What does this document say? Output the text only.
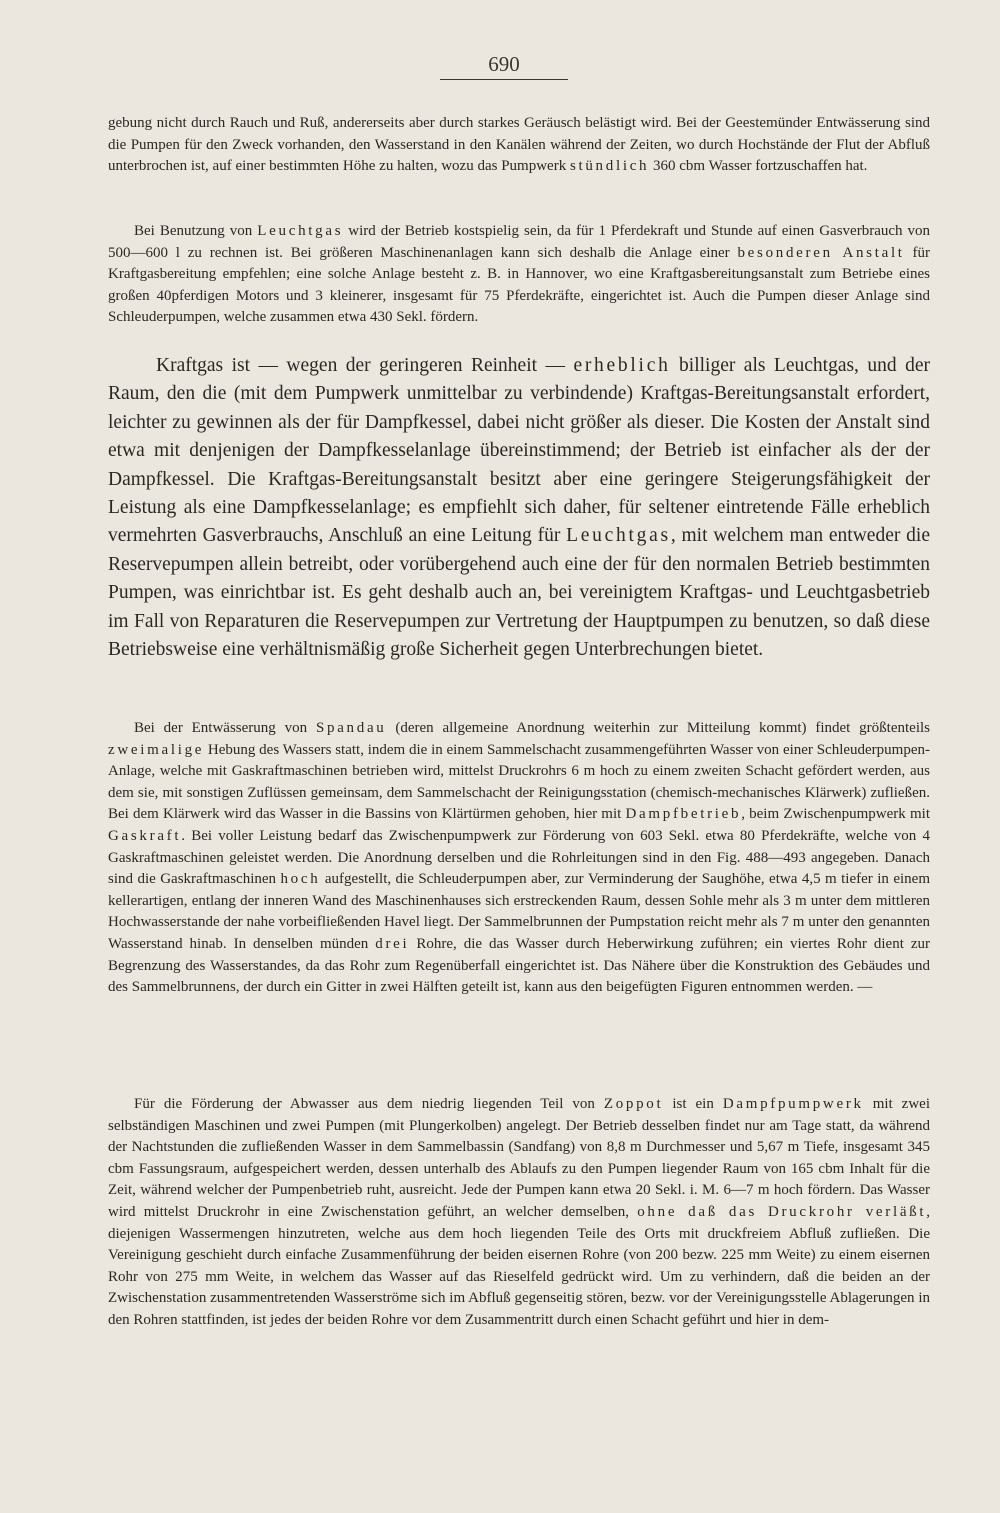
690

gebung nicht durch Rauch und Ruß, andererseits aber durch starkes Geräusch belästigt wird. Bei der Geestemünder Entwässerung sind die Pumpen für den Zweck vorhanden, den Wasserstand in den Kanälen während der Zeiten, wo durch Hochstände der Flut der Abfluß unterbrochen ist, auf einer bestimmten Höhe zu halten, wozu das Pumpwerk stündlich 360 cbm Wasser fortzuschaffen hat.

Bei Benutzung von Leuchtgas wird der Betrieb kostspielig sein, da für 1 Pferdekraft und Stunde auf einen Gasverbrauch von 500—600 l zu rechnen ist. Bei größeren Maschinenanlagen kann sich deshalb die Anlage einer besonderen Anstalt für Kraftgasbereitung empfehlen; eine solche Anlage besteht z. B. in Hannover, wo eine Kraftgasbereitungsanstalt zum Betriebe eines großen 40pferdigen Motors und 3 kleinerer, insgesamt für 75 Pferdekräfte, eingerichtet ist. Auch die Pumpen dieser Anlage sind Schleuderpumpen, welche zusammen etwa 430 Sekl. fördern.

Kraftgas ist — wegen der geringeren Reinheit — erheblich billiger als Leuchtgas, und der Raum, den die (mit dem Pumpwerk unmittelbar zu verbindende) Kraftgas-Bereitungsanstalt erfordert, leichter zu gewinnen als der für Dampfkessel, dabei nicht größer als dieser. Die Kosten der Anstalt sind etwa mit denjenigen der Dampfkesselanlage übereinstimmend; der Betrieb ist einfacher als der der Dampfkessel. Die Kraftgas-Bereitungsanstalt besitzt aber eine geringere Steigerungsfähigkeit der Leistung als eine Dampfkesselanlage; es empfiehlt sich daher, für seltener eintretende Fälle erheblich vermehrten Gasverbrauchs, Anschluß an eine Leitung für Leuchtgas, mit welchem man entweder die Reservepumpen allein betreibt, oder vorübergehend auch eine der für den normalen Betrieb bestimmten Pumpen, was einrichtbar ist. Es geht deshalb auch an, bei vereinigtem Kraftgas- und Leuchtgasbetrieb im Fall von Reparaturen die Reservepumpen zur Vertretung der Hauptpumpen zu benutzen, so daß diese Betriebsweise eine verhältnismäßig große Sicherheit gegen Unterbrechungen bietet.

Bei der Entwässerung von Spandau (deren allgemeine Anordnung weiterhin zur Mitteilung kommt) findet größtenteils zweimalige Hebung des Wassers statt, indem die in einem Sammelschacht zusammengeführten Wasser von einer Schleuderpumpen-Anlage, welche mit Gaskraftmaschinen betrieben wird, mittelst Druckrohrs 6 m hoch zu einem zweiten Schacht gefördert werden, aus dem sie, mit sonstigen Zuflüssen gemeinsam, dem Sammelschacht der Reinigungsstation (chemisch-mechanisches Klärwerk) zufließen. Bei dem Klärwerk wird das Wasser in die Bassins von Klärtürmen gehoben, hier mit Dampfbetrieb, beim Zwischenpumpwerk mit Gaskraft. Bei voller Leistung bedarf das Zwischenpumpwerk zur Förderung von 603 Sekl. etwa 80 Pferdekräfte, welche von 4 Gaskraftmaschinen geleistet werden. Die Anordnung derselben und die Rohrleitungen sind in den Fig. 488—493 angegeben. Danach sind die Gaskraftmaschinen hoch aufgestellt, die Schleuderpumpen aber, zur Verminderung der Saughöhe, etwa 4,5 m tiefer in einem kellerartigen, entlang der inneren Wand des Maschinenhauses sich erstreckenden Raum, dessen Sohle mehr als 3 m unter dem mittleren Hochwasserstande der nahe vorbeifließenden Havel liegt. Der Sammelbrunnen der Pumpstation reicht mehr als 7 m unter den genannten Wasserstand hinab. In denselben münden drei Rohre, die das Wasser durch Heberwirkung zuführen; ein viertes Rohr dient zur Begrenzung des Wasserstandes, da das Rohr zum Regenüberfall eingerichtet ist. Das Nähere über die Konstruktion des Gebäudes und des Sammelbrunnens, der durch ein Gitter in zwei Hälften geteilt ist, kann aus den beigefügten Figuren entnommen werden. —

Für die Förderung der Abwasser aus dem niedrig liegenden Teil von Zoppot ist ein Dampfpumpwerk mit zwei selbständigen Maschinen und zwei Pumpen (mit Plungerkolben) angelegt. Der Betrieb desselben findet nur am Tage statt, da während der Nachtstunden die zufließenden Wasser in dem Sammelbassin (Sandfang) von 8,8 m Durchmesser und 5,67 m Tiefe, insgesamt 345 cbm Fassungsraum, aufgespeichert werden, dessen unterhalb des Ablaufs zu den Pumpen liegender Raum von 165 cbm Inhalt für die Zeit, während welcher der Pumpenbetrieb ruht, ausreicht. Jede der Pumpen kann etwa 20 Sekl. i. M. 6—7 m hoch fördern. Das Wasser wird mittelst Druckrohr in eine Zwischenstation geführt, an welcher demselben, ohne daß das Druckrohr verläßt, diejenigen Wassermengen hinzutreten, welche aus dem hoch liegenden Teile des Orts mit druckfreiem Abfluß zufließen. Die Vereinigung geschieht durch einfache Zusammenführung der beiden eisernen Rohre (von 200 bezw. 225 mm Weite) zu einem eisernen Rohr von 275 mm Weite, in welchem das Wasser auf das Rieselfeld gedrückt wird. Um zu verhindern, daß die beiden an der Zwischenstation zusammentretenden Wasserströme sich im Abfluß gegenseitig stören, bezw. vor der Vereinigungsstelle Ablagerungen in den Rohren stattfinden, ist jedes der beiden Rohre vor dem Zusammentritt durch einen Schacht geführt und hier in dem-
